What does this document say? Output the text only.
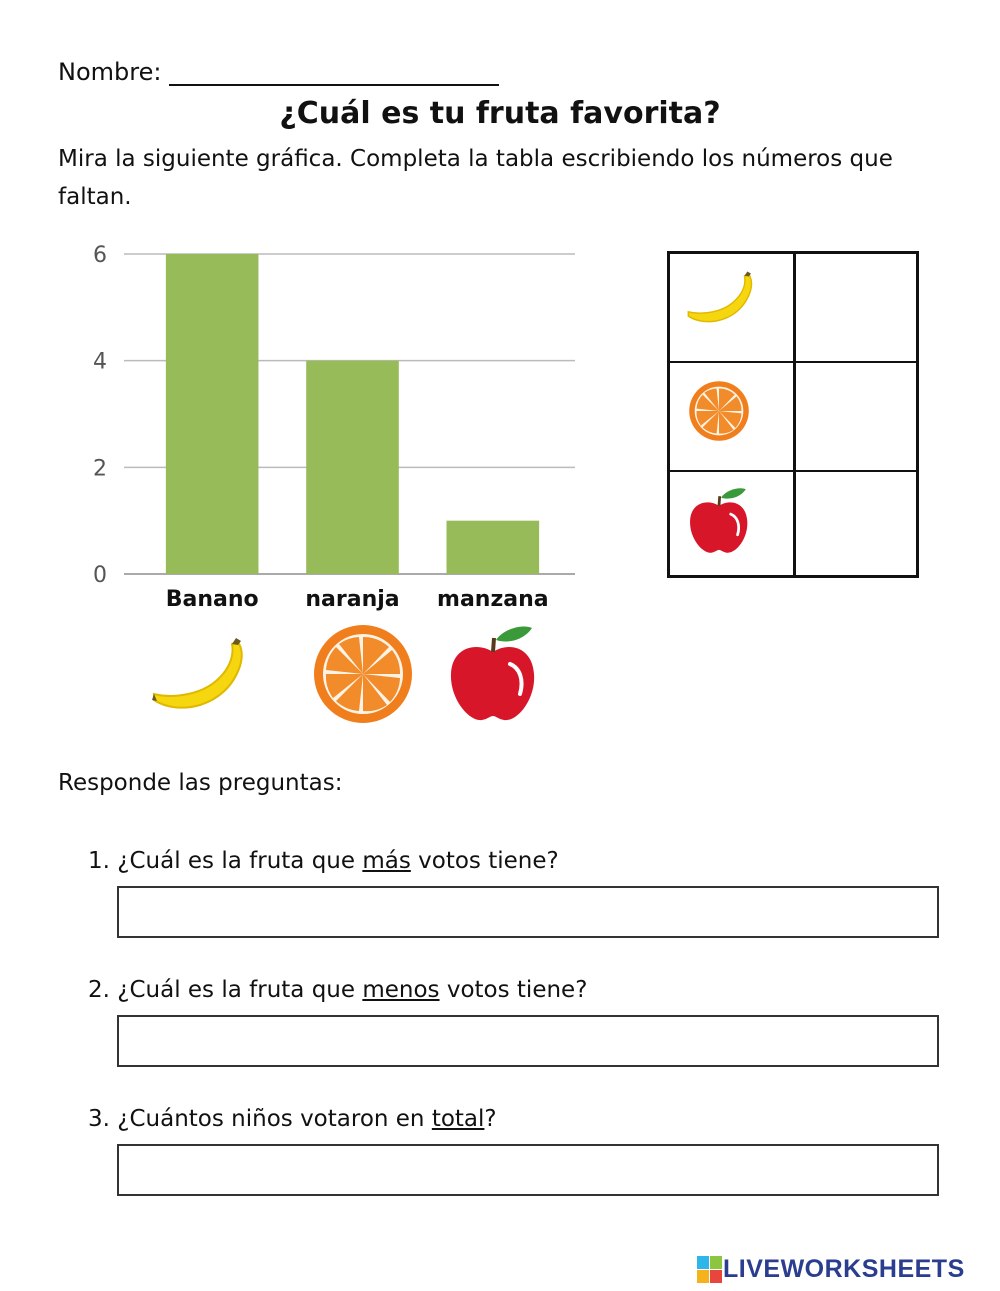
Nombre:
¿Cuál es tu fruta favorita?
Mira la siguiente gráfica. Completa la tabla escribiendo los números que faltan.
0
2
4
6
Banano naranja manzana
Responde las preguntas:
1. ¿Cuál es la fruta que más votos tiene?
2. ¿Cuál es la fruta que menos votos tiene?
3. ¿Cuántos niños votaron en total?
LIVEWORKSHEETS
